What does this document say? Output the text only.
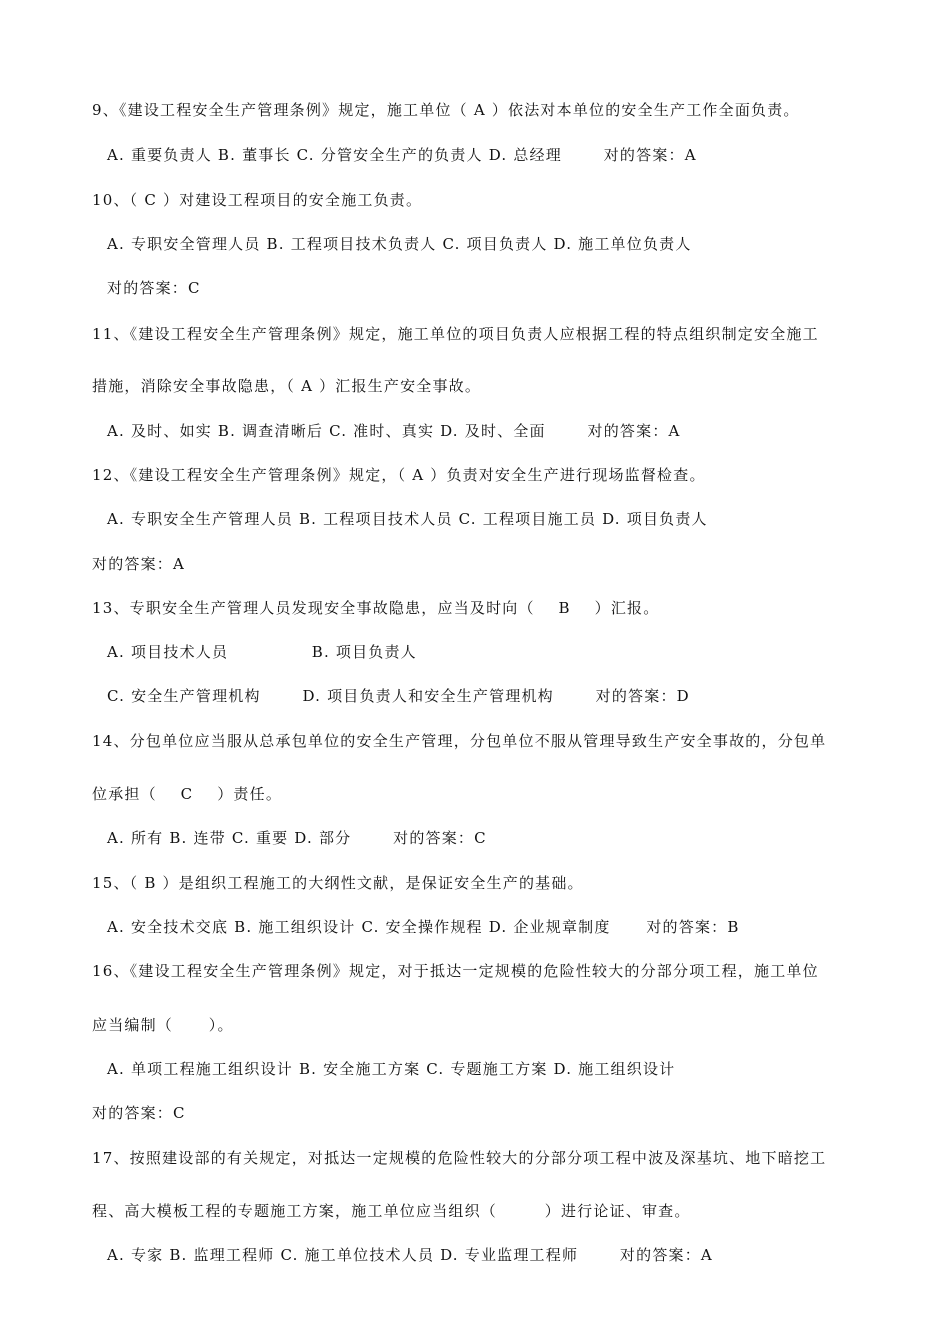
9、《建设工程安全生产管理条例》规定，施工单位（ A ）依法对本单位的安全生产工作全面负责。
A. 重要负责人 B. 董事长 C. 分管安全生产的负责人 D. 总经理       对的答案：A
10、（ C ）对建设工程项目的安全施工负责。
A. 专职安全管理人员 B. 工程项目技术负责人 C. 项目负责人 D. 施工单位负责人
对的答案：C
11、《建设工程安全生产管理条例》规定，施工单位的项目负责人应根据工程的特点组织制定安全施工
措施，消除安全事故隐患，（ A ）汇报生产安全事故。
A. 及时、如实 B. 调查清晰后 C. 准时、真实 D. 及时、全面       对的答案：A
12、《建设工程安全生产管理条例》规定，（ A ）负责对安全生产进行现场监督检查。
A. 专职安全生产管理人员 B. 工程项目技术人员 C. 工程项目施工员 D. 项目负责人
对的答案：A
13、专职安全生产管理人员发现安全事故隐患，应当及时向（    B    ）汇报。
A. 项目技术人员              B. 项目负责人
C. 安全生产管理机构       D. 项目负责人和安全生产管理机构       对的答案：D
14、分包单位应当服从总承包单位的安全生产管理，分包单位不服从管理导致生产安全事故的，分包单
位承担（    C    ）责任。
A. 所有 B. 连带 C. 重要 D. 部分       对的答案：C
15、（ B ）是组织工程施工的大纲性文献，是保证安全生产的基础。
A. 安全技术交底 B. 施工组织设计 C. 安全操作规程 D. 企业规章制度      对的答案：B
16、《建设工程安全生产管理条例》规定，对于抵达一定规模的危险性较大的分部分项工程，施工单位
应当编制（      ）。
A. 单项工程施工组织设计 B. 安全施工方案 C. 专题施工方案 D. 施工组织设计
对的答案：C
17、按照建设部的有关规定，对抵达一定规模的危险性较大的分部分项工程中波及深基坑、地下暗挖工
程、高大模板工程的专题施工方案，施工单位应当组织（        ）进行论证、审查。
A. 专家 B. 监理工程师 C. 施工单位技术人员 D. 专业监理工程师       对的答案：A
